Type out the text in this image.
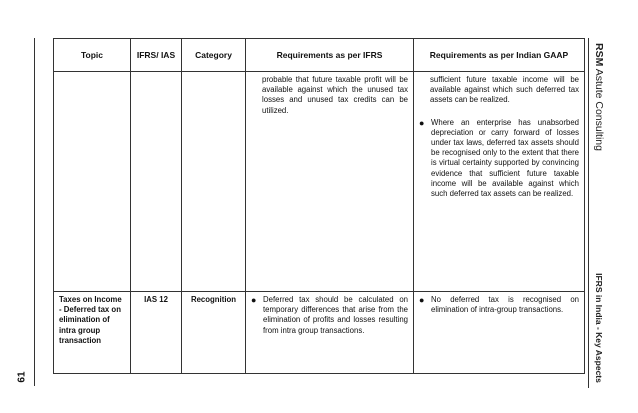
61
RSM Astute Consulting
IFRS in India - Key Aspects
Topic	IFRS/ IAS	Category	Requirements as per IFRS	Requirements as per Indian GAAP

			probable that future taxable profit will be available against which the unused tax losses and unused tax credits can be utilized.	sufficient future taxable income will be available against which such deferred tax assets can be realized.
● Where an enterprise has unabsorbed depreciation or carry forward of losses under tax laws, deferred tax assets should be recognised only to the extent that there is virtual certainty supported by convincing evidence that sufficient future taxable income will be available against which such deferred tax assets can be realized.

Taxes on Income - Deferred tax on elimination of intra group transaction	IAS 12	Recognition	● Deferred tax should be calculated on temporary differences that arise from the elimination of profits and losses resulting from intra group transactions.	● No deferred tax is recognised on elimination of intra-group transactions.
